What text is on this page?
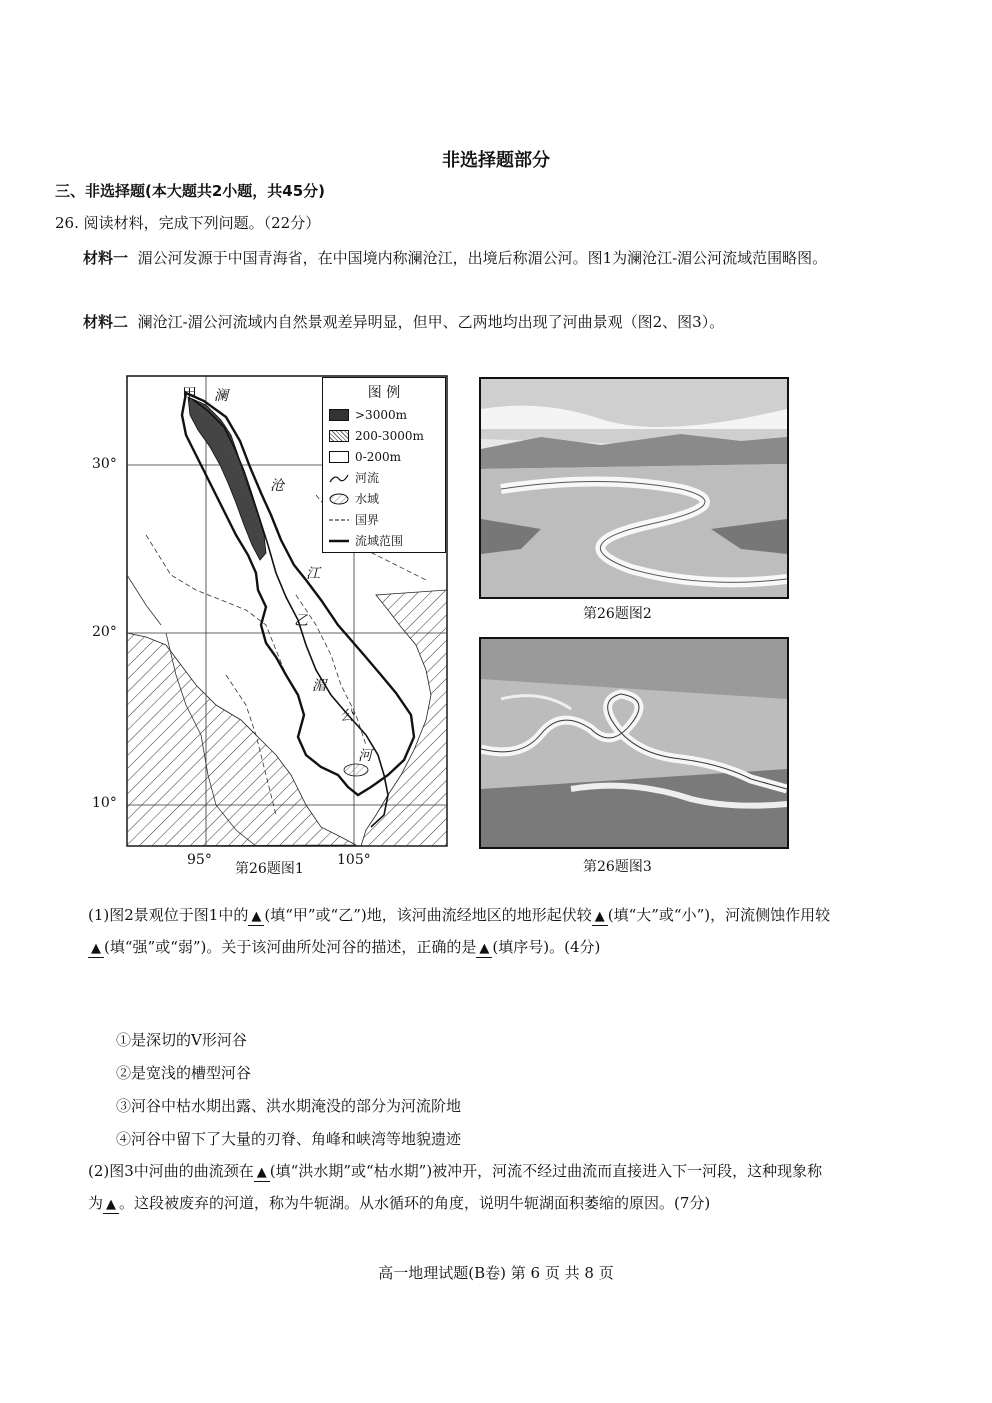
非选择题部分
三、非选择题(本大题共2小题，共45分)
26. 阅读材料，完成下列问题。（22分）
材料一 湄公河发源于中国青海省，在中国境内称澜沧江，出境后称湄公河。图1为澜沧江-湄公河流域范围略图。
材料二 澜沧江-湄公河流域内自然景观差异明显，但甲、乙两地均出现了河曲景观（图2、图3）。
甲
乙
澜
沧
江
湄
公
河
图 例
>3000m
200-3000m
0-200m
河流
水域
国界
流域范围
30°
20°
10°
95°	105°
第26题图1
第26题图2
第26题图3
(1)图2景观位于图1中的 ▲ (填“甲”或“乙”)地，该河曲流经地区的地形起伏较 ▲ (填“大”或“小”)，河流侧蚀作用较▲ (填“强”或“弱”)。关于该河曲所处河谷的描述，正确的是 ▲ (填序号)。(4分)
①是深切的V形河谷
②是宽浅的槽型河谷
③河谷中枯水期出露、洪水期淹没的部分为河流阶地
④河谷中留下了大量的刃脊、角峰和峡湾等地貌遗迹
(2)图3中河曲的曲流颈在 ▲ (填“洪水期”或“枯水期”)被冲开，河流不经过曲流而直接进入下一河段，这种现象称为 ▲ 。这段被废弃的河道，称为牛轭湖。从水循环的角度，说明牛轭湖面积萎缩的原因。(7分)
高一地理试题(B卷) 第 6 页 共 8 页
